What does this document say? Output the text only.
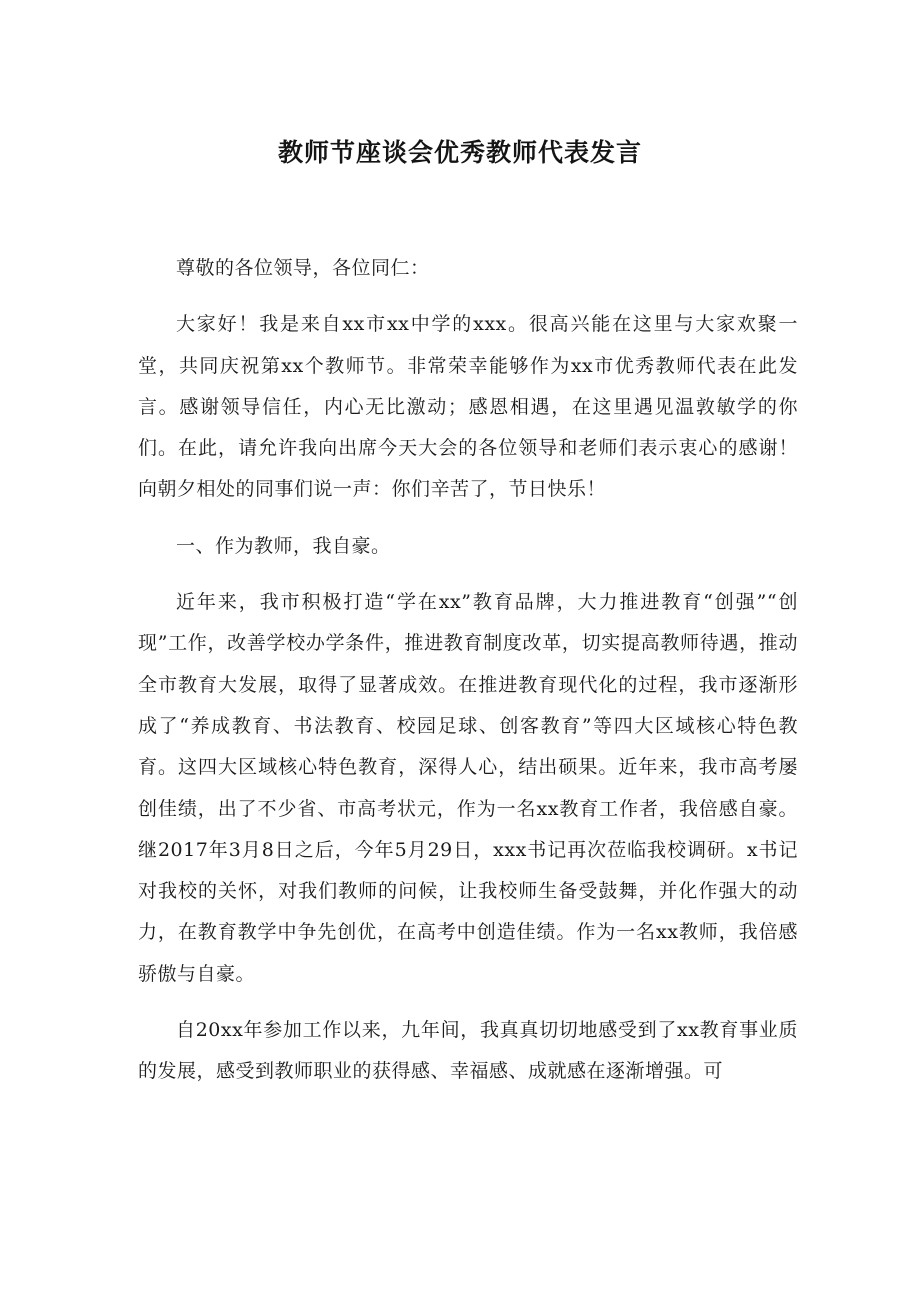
教师节座谈会优秀教师代表发言

尊敬的各位领导，各位同仁：

大家好！我是来自xx市xx中学的xxx。很高兴能在这里与大家欢聚一堂，共同庆祝第xx个教师节。非常荣幸能够作为xx市优秀教师代表在此发言。感谢领导信任，内心无比激动；感恩相遇，在这里遇见温敦敏学的你们。在此，请允许我向出席今天大会的各位领导和老师们表示衷心的感谢！向朝夕相处的同事们说一声：你们辛苦了，节日快乐！

一、作为教师，我自豪。

近年来，我市积极打造“学在xx”教育品牌，大力推进教育“创强”“创现”工作，改善学校办学条件，推进教育制度改革，切实提高教师待遇，推动全市教育大发展，取得了显著成效。在推进教育现代化的过程，我市逐渐形成了“养成教育、书法教育、校园足球、创客教育”等四大区域核心特色教育。这四大区域核心特色教育，深得人心，结出硕果。近年来，我市高考屡创佳绩，出了不少省、市高考状元，作为一名xx教育工作者，我倍感自豪。继2017年3月8日之后，今年5月29日，xxx书记再次莅临我校调研。x书记对我校的关怀，对我们教师的问候，让我校师生备受鼓舞，并化作强大的动力，在教育教学中争先创优，在高考中创造佳绩。作为一名xx教师，我倍感骄傲与自豪。

自20xx年参加工作以来，九年间，我真真切切地感受到了xx教育事业质的发展，感受到教师职业的获得感、幸福感、成就感在逐渐增强。可
